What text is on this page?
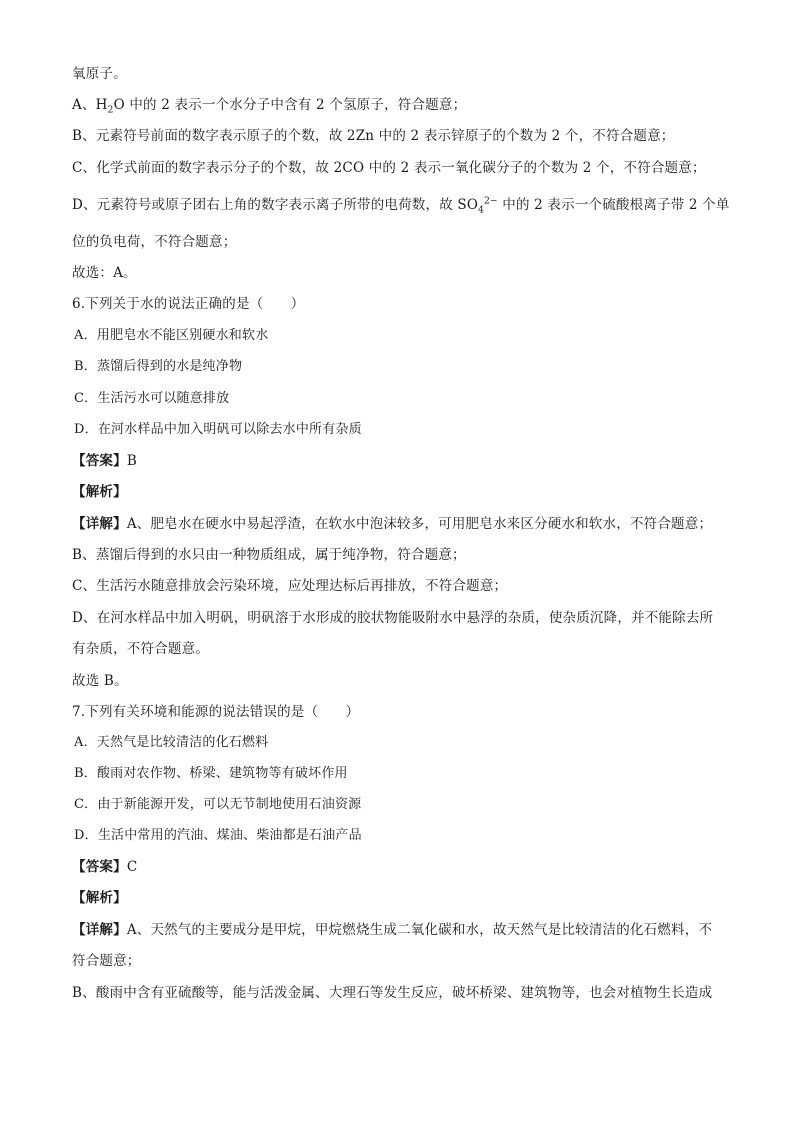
氧原子。
A、$H_2O$ 中的 2 表示一个水分子中含有 2 个氢原子，符合题意；
B、元素符号前面的数字表示原子的个数，故 2Zn 中的 2 表示锌原子的个数为 2 个，不符合题意；
C、化学式前面的数字表示分子的个数，故 2CO 中的 2 表示一氧化碳分子的个数为 2 个，不符合题意；
D、元素符号或原子团右上角的数字表示离子所带的电荷数，故 $SO_4^{2-}$ 中的 2 表示一个硫酸根离子带 2 个单
位的负电荷，不符合题意；
故选：A。
6.下列关于水的说法正确的是（　　）
A．用肥皂水不能区别硬水和软水
B．蒸馏后得到的水是纯净物
C．生活污水可以随意排放
D．在河水样品中加入明矾可以除去水中所有杂质
【答案】B
【解析】
【详解】A、肥皂水在硬水中易起浮渣，在软水中泡沫较多，可用肥皂水来区分硬水和软水，不符合题意；
B、蒸馏后得到的水只由一种物质组成，属于纯净物，符合题意；
C、生活污水随意排放会污染环境，应处理达标后再排放，不符合题意；
D、在河水样品中加入明矾，明矾溶于水形成的胶状物能吸附水中悬浮的杂质，使杂质沉降，并不能除去所
有杂质，不符合题意。
故选 B。
7.下列有关环境和能源的说法错误的是（　　）
A．天然气是比较清洁的化石燃料
B．酸雨对农作物、桥梁、建筑物等有破坏作用
C．由于新能源开发，可以无节制地使用石油资源
D．生活中常用的汽油、煤油、柴油都是石油产品
【答案】C
【解析】
【详解】A、天然气的主要成分是甲烷，甲烷燃烧生成二氧化碳和水，故天然气是比较清洁的化石燃料，不
符合题意；
B、酸雨中含有亚硫酸等，能与活泼金属、大理石等发生反应，破坏桥梁、建筑物等，也会对植物生长造成
